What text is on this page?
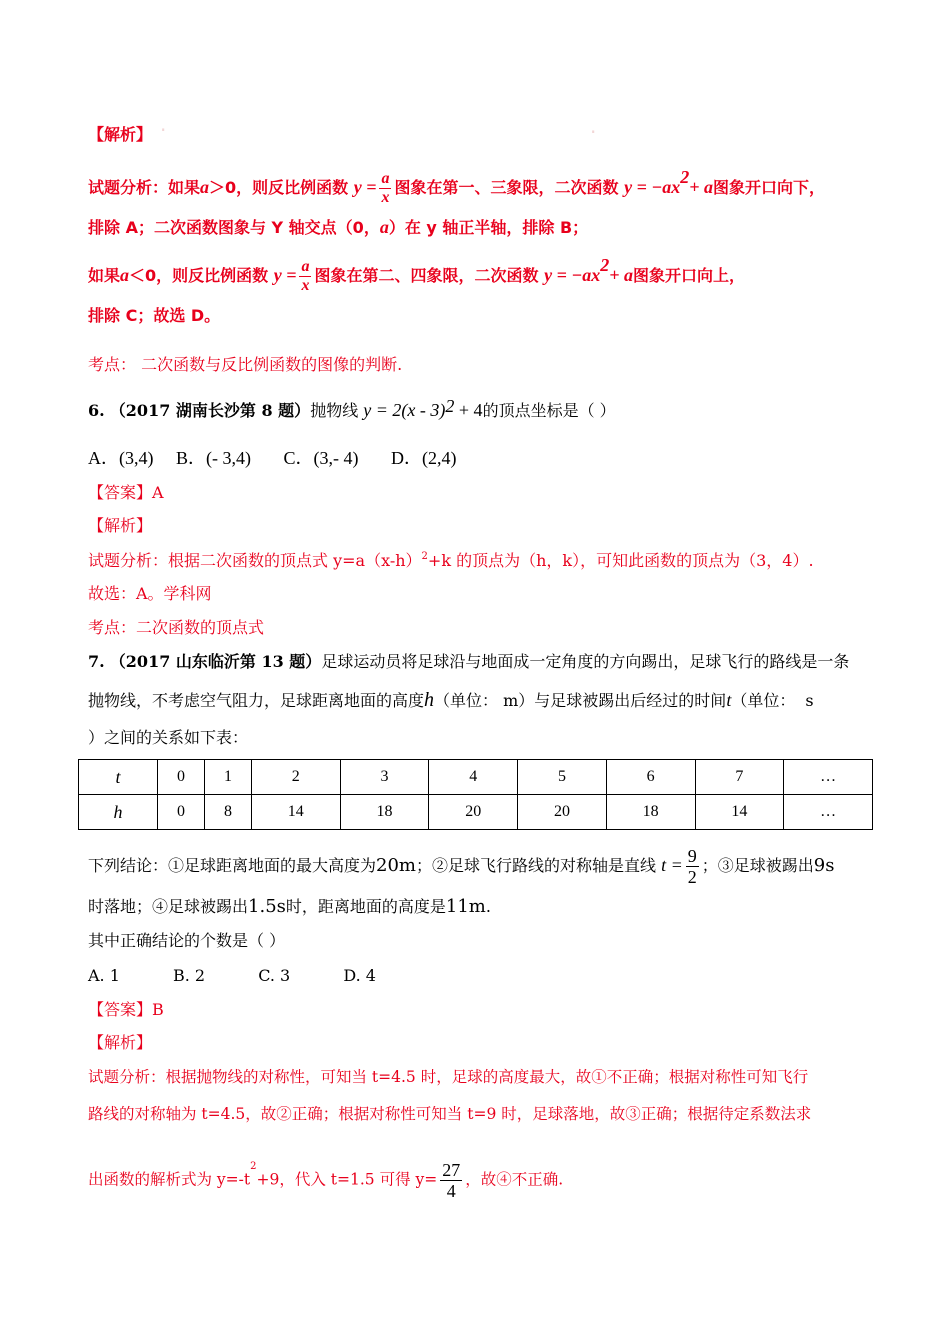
·	·
【解析】
试题分析：如果a＞0，则反比例函数 $y = \frac{a}{x}$ 图象在第一、三象限，二次函数 $y = -ax^2+ a$图象开口向下，
排除 A；二次函数图象与 Y 轴交点（0，a）在 y 轴正半轴，排除 B；
如果a＜0，则反比例函数 $y = \frac{a}{x}$ 图象在第二、四象限，二次函数 $y = -ax^2+ a$图象开口向上，
排除 C；故选 D。
考点： 二次函数与反比例函数的图像的判断.
6. （2017 湖南长沙第 8 题）抛物线 y = 2(x - 3)$^2$ + 4的顶点坐标是（ ）
A．(3,4) B．(- 3,4) C．(3,- 4) D．(2,4)
【答案】A
【解析】
试题分析：根据二次函数的顶点式 $y=a(x-h)^2+k$ 的顶点为（h，k），可知此函数的顶点为（3，4）.
故选：A。学科网
考点：二次函数的顶点式
7. （2017 山东临沂第 13 题）足球运动员将足球沿与地面成一定角度的方向踢出，足球飞行的路线是一条
抛物线，不考虑空气阻力，足球距离地面的高度h（单位： m）与足球被踢出后经过的时间t（单位： s
）之间的关系如下表：
t	0	1	2	3	4	5	6	7	…
h	0	8	14	18	20	20	18	14	…
下列结论：①足球距离地面的最大高度为20m；②足球飞行路线的对称轴是直线 $t = \frac{9}{2}$ ；③足球被踢出9s
时落地；④足球被踢出1.5s时，距离地面的高度是11m.
其中正确结论的个数是（ ）
A. 1	B. 2	C. 3	D. 4
【答案】B
【解析】
试题分析：根据抛物线的对称性，可知当 t=4.5 时，足球的高度最大，故①不正确；根据对称性可知飞行
路线的对称轴为 t=4.5，故②正确；根据对称性可知当 t=9 时，足球落地，故③正确；根据待定系数法求
出函数的解析式为 $y=-t^2+9$，代入 t=1.5 可得 $y= \frac{27}{4}$ ，故④不正确.
